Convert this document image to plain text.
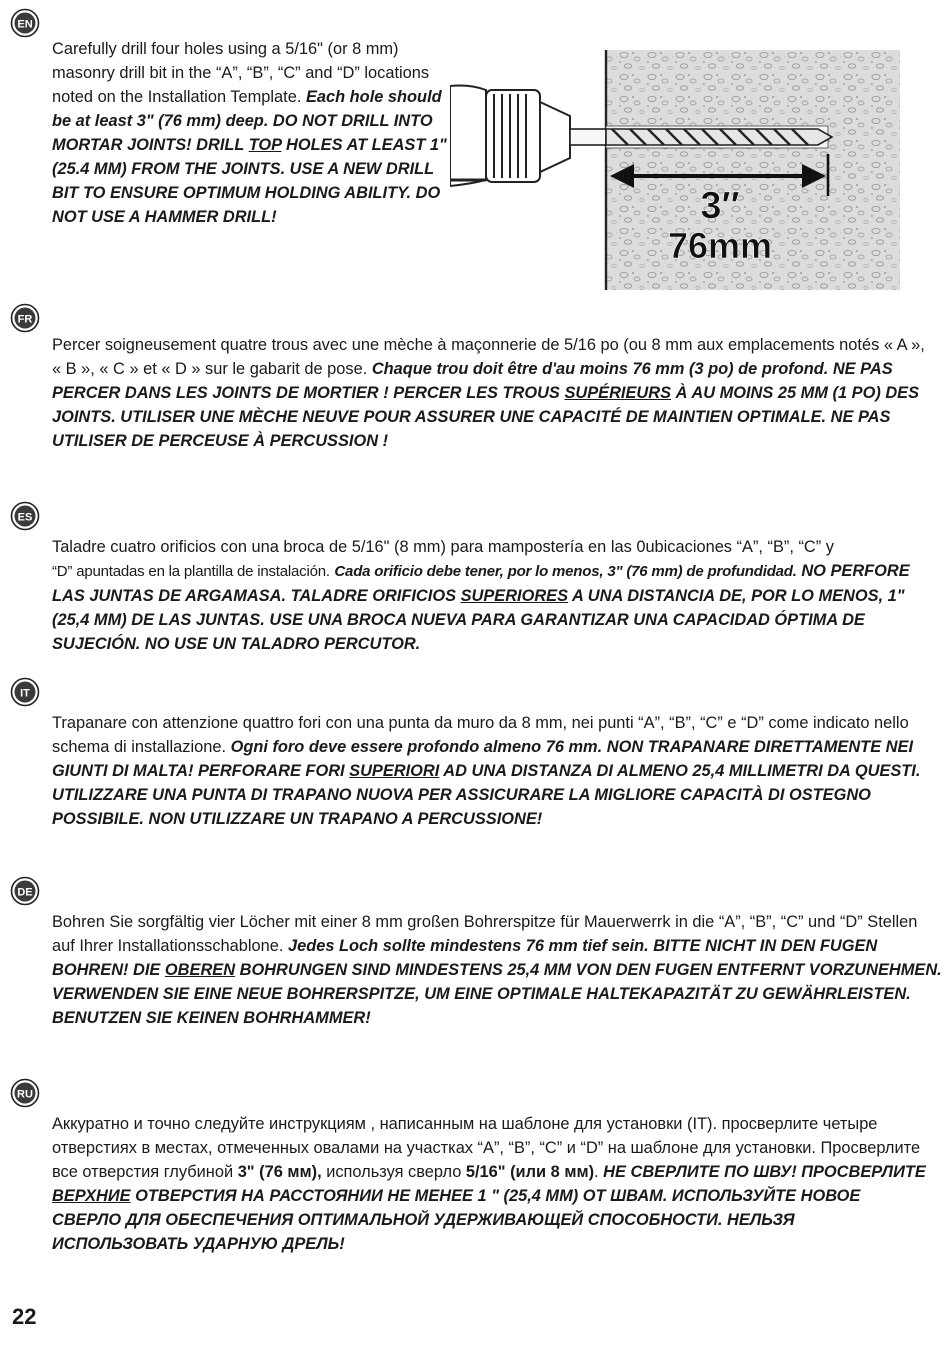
EN

Carefully drill four holes using a 5/16" (or 8 mm) masonry drill bit in the “A”, “B”, “C” and “D” locations noted on the Installation Template. Each hole should be at least 3" (76 mm) deep. DO NOT DRILL INTO MORTAR JOINTS! DRILL TOP HOLES AT LEAST 1" (25.4 MM) FROM THE JOINTS. USE A NEW DRILL BIT TO ENSURE OPTIMUM HOLDING ABILITY. DO NOT USE A HAMMER DRILL!	3″
76mm
FR

Percer soigneusement quatre trous avec une mèche à maçonnerie de 5/16 po (ou 8 mm aux emplacements notés « A », « B », « C » et « D » sur le gabarit de pose. Chaque trou doit être d'au moins 76 mm (3 po) de profond. NE PAS PERCER DANS LES JOINTS DE MORTIER ! PERCER LES TROUS SUPÉRIEURS À AU MOINS 25 MM (1 PO) DES JOINTS. UTILISER UNE MÈCHE NEUVE POUR ASSURER UNE CAPACITÉ DE MAINTIEN OPTIMALE. NE PAS UTILISER DE PERCEUSE À PERCUSSION !

ES

Taladre cuatro orificios con una broca de 5/16" (8 mm) para mampostería en las 0ubicaciones “A”, “B”, “C” y
“D” apuntadas en la plantilla de instalación. Cada orificio debe tener, por lo menos, 3" (76 mm) de profundidad. NO PERFORE LAS JUNTAS DE ARGAMASA. TALADRE ORIFICIOS SUPERIORES A UNA DISTANCIA DE, POR LO MENOS, 1" (25,4 MM) DE LAS JUNTAS. USE UNA BROCA NUEVA PARA GARANTIZAR UNA CAPACIDAD ÓPTIMA DE SUJECIÓN. NO USE UN TALADRO PERCUTOR.

IT

Trapanare con attenzione quattro fori con una punta da muro da 8 mm, nei punti “A”, “B”, “C” e “D” come indicato nello schema di installazione. Ogni foro deve essere profondo almeno 76 mm. NON TRAPANARE DIRETTAMENTE NEI GIUNTI DI MALTA! PERFORARE FORI SUPERIORI AD UNA DISTANZA DI ALMENO 25,4 MILLIMETRI DA QUESTI. UTILIZZARE UNA PUNTA DI TRAPANO NUOVA PER ASSICURARE LA MIGLIORE CAPACITÀ DI OSTEGNO POSSIBILE. NON UTILIZZARE UN TRAPANO A PERCUSSIONE!

DE

Bohren Sie sorgfältig vier Löcher mit einer 8 mm großen Bohrerspitze für Mauerwerrk in die “A”, “B”, “C” und “D” Stellen auf Ihrer Installationsschablone. Jedes Loch sollte mindestens 76 mm tief sein. BITTE NICHT IN DEN FUGEN BOHREN! DIE OBEREN BOHRUNGEN SIND MINDESTENS 25,4 MM VON DEN FUGEN ENTFERNT VORZUNEHMEN. VERWENDEN SIE EINE NEUE BOHRERSPITZE, UM EINE OPTIMALE HALTEKAPAZITÄT ZU GEWÄHRLEISTEN. BENUTZEN SIE KEINEN BOHRHAMMER!

RU

Аккуратно и точно следуйте инструкциям , написанным на шаблоне для установки (IT). просверлите четыре отверстиях в местах, отмеченных овалами на участках “A”, “B”, “C” и “D” на шаблоне для установки. Просверлите все отверстия глубиной 3" (76 мм), используя сверло 5/16" (или 8 мм). НЕ СВЕРЛИТЕ ПО ШВУ! ПРОСВЕРЛИТЕ ВЕРХНИЕ ОТВЕРСТИЯ НА РАССТОЯНИИ НЕ МЕНЕЕ 1 " (25,4 ММ) ОТ ШВАМ. ИСПОЛЬЗУЙТЕ НОВОЕ СВЕРЛО ДЛЯ ОБЕСПЕЧЕНИЯ ОПТИМАЛЬНОЙ УДЕРЖИВАЮЩЕЙ СПОСОБНОСТИ. НЕЛЬЗЯ ИСПОЛЬЗОВАТЬ УДАРНУЮ ДРЕЛЬ!

22
